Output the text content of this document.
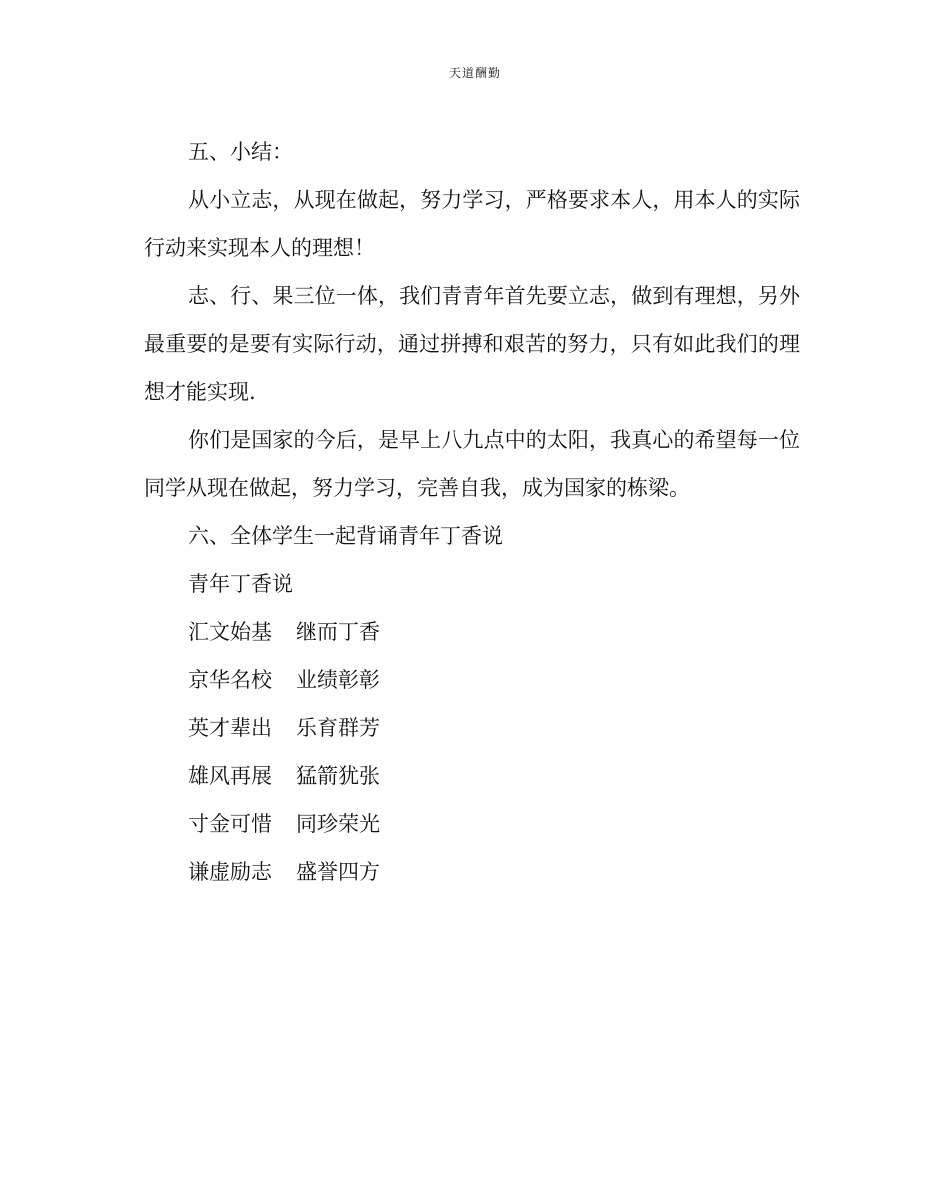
天道酬勤

五、小结：

从小立志，从现在做起，努力学习，严格要求本人，用本人的实际行动来实现本人的理想！

志、行、果三位一体，我们青青年首先要立志，做到有理想，另外最重要的是要有实际行动，通过拼搏和艰苦的努力，只有如此我们的理想才能实现.

你们是国家的今后，是早上八九点中的太阳，我真心的希望每一位同学从现在做起，努力学习，完善自我，成为国家的栋梁。

六、全体学生一起背诵青年丁香说

青年丁香说

汇文始基 继而丁香

京华名校 业绩彰彰

英才辈出 乐育群芳

雄风再展 猛箭犹张

寸金可惜 同珍荣光

谦虚励志 盛誉四方
